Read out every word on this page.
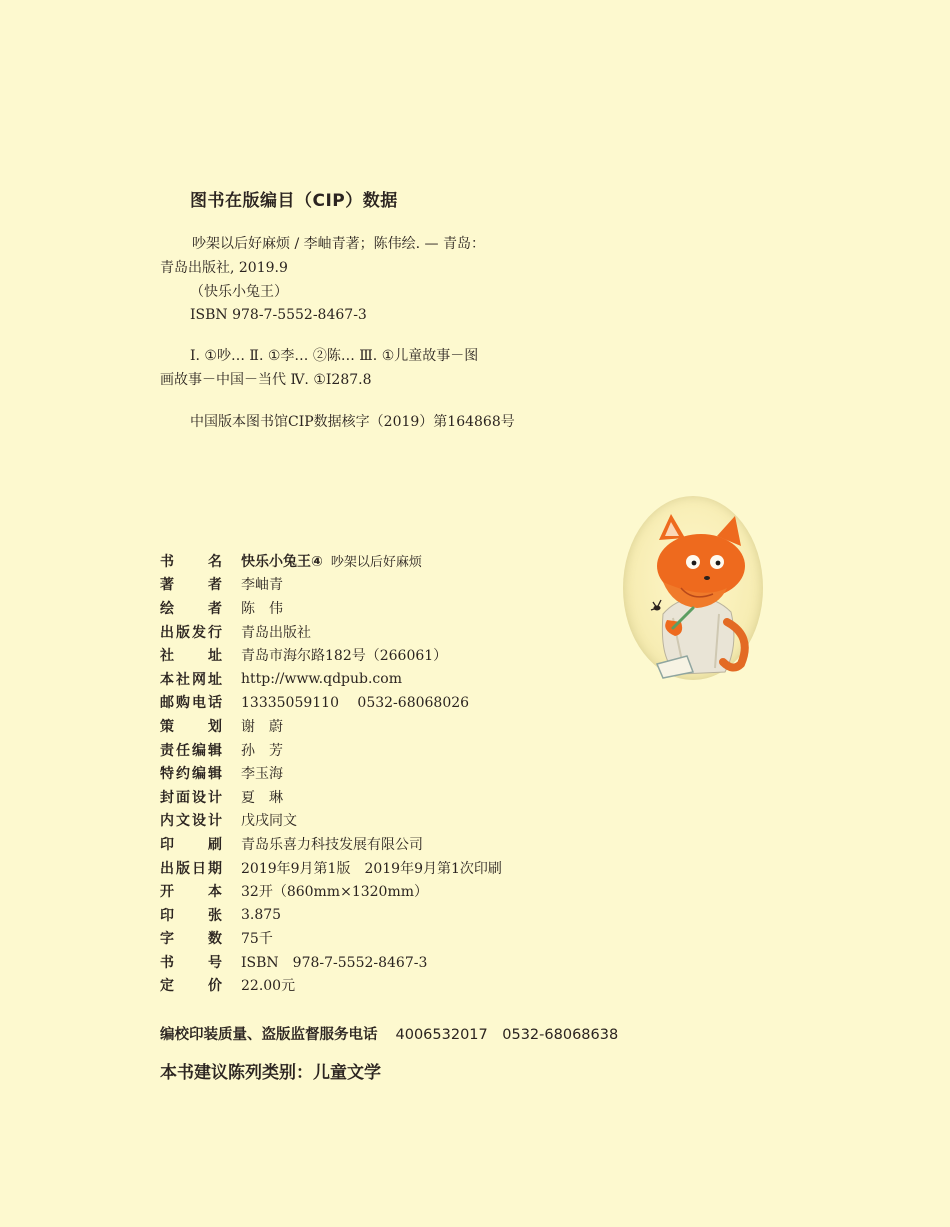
图书在版编目（CIP）数据
吵架以后好麻烦 / 李岫青著；陈伟绘. — 青岛：
青岛出版社, 2019.9
（快乐小兔王）
ISBN 978-7-5552-8467-3
Ⅰ. ①吵… Ⅱ. ①李… ②陈… Ⅲ. ①儿童故事－图
画故事－中国－当代 Ⅳ. ①I287.8
中国版本图书馆CIP数据核字（2019）第164868号
书　　名	快乐小兔王④ 吵架以后好麻烦
著　　者	李岫青
绘　　者	陈　伟
出版发行	青岛出版社
社　　址	青岛市海尔路182号（266061）
本社网址	http://www.qdpub.com
邮购电话	13335059110　 0532-68068026
策　　划	谢　蔚
责任编辑	孙　芳
特约编辑	李玉海
封面设计	夏　琳
内文设计	戊戌同文
印　　刷	青岛乐喜力科技发展有限公司
出版日期	2019年9月第1版　2019年9月第1次印刷
开　　本	32开（860mm×1320mm）
印　　张	3.875
字　　数	75千
书　　号	ISBN　978-7-5552-8467-3
定　　价	22.00元
编校印装质量、盗版监督服务电话 4006532017　0532-68068638
本书建议陈列类别：儿童文学
